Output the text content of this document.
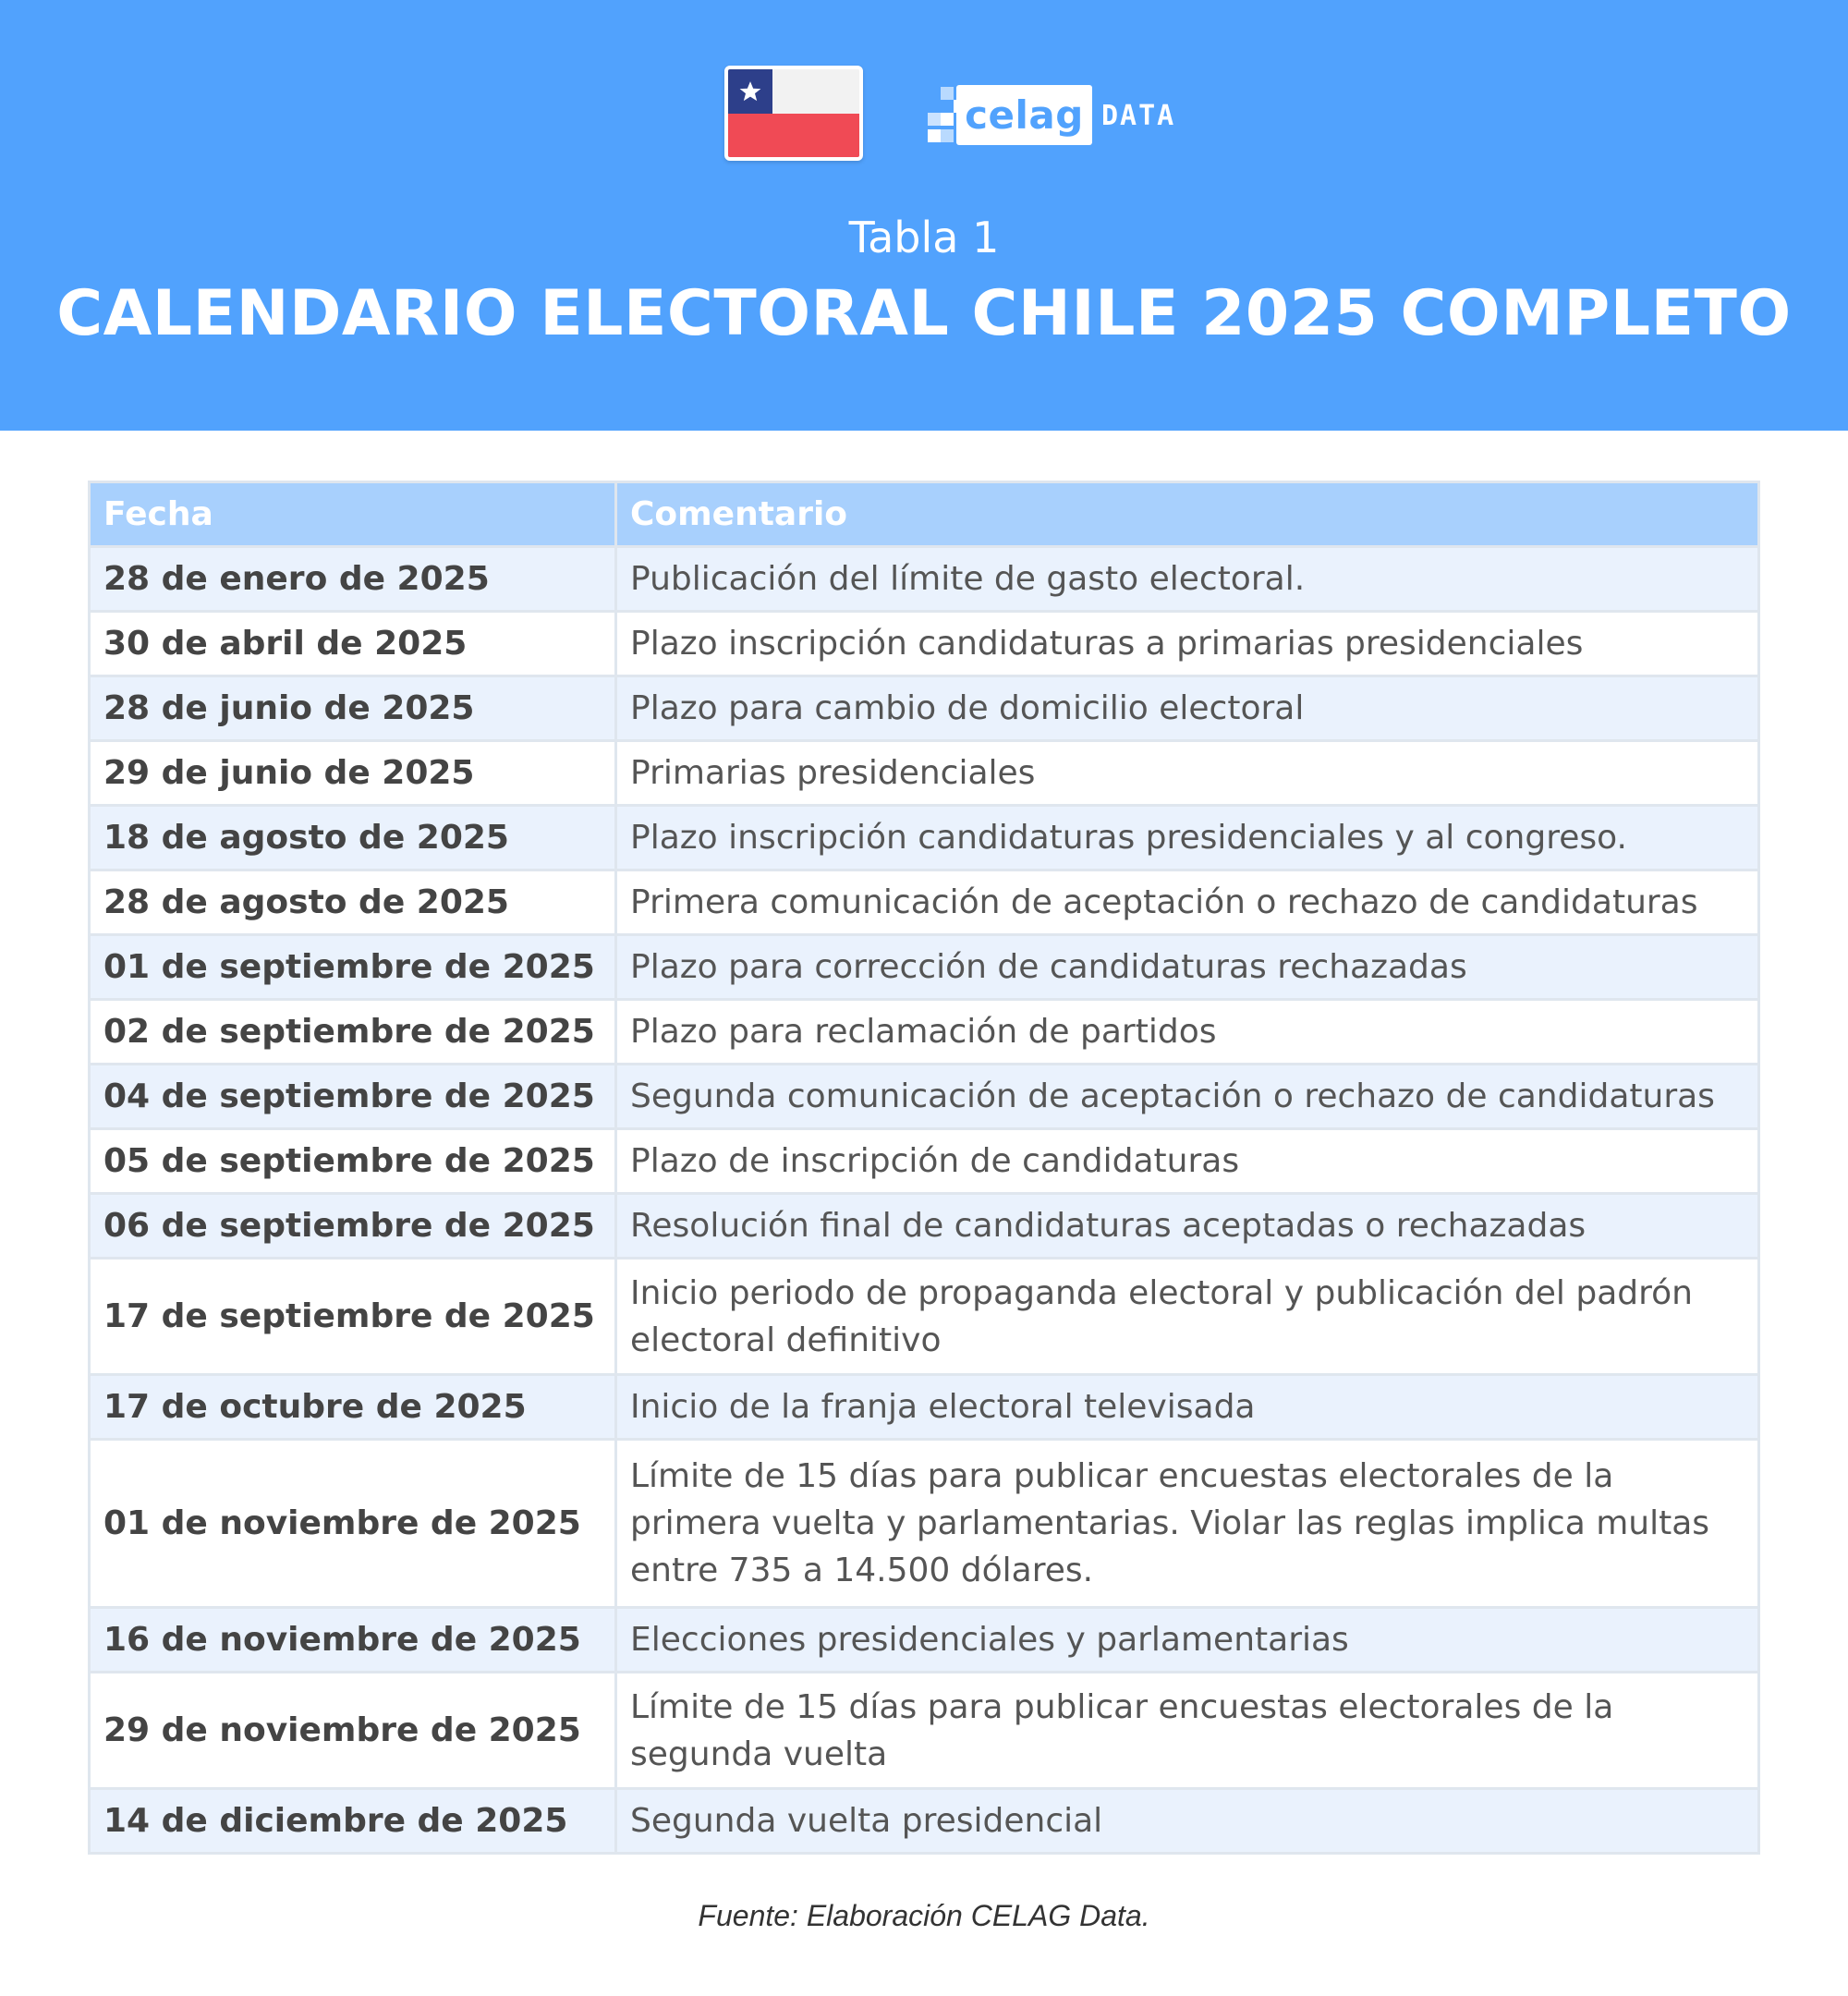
celag DATA
Tabla 1
CALENDARIO ELECTORAL CHILE 2025 COMPLETO
Fecha	Comentario
28 de enero de 2025	Publicación del límite de gasto electoral.
30 de abril de 2025	Plazo inscripción candidaturas a primarias presidenciales
28 de junio de 2025	Plazo para cambio de domicilio electoral
29 de junio de 2025	Primarias presidenciales
18 de agosto de 2025	Plazo inscripción candidaturas presidenciales y al congreso.
28 de agosto de 2025	Primera comunicación de aceptación o rechazo de candidaturas
01 de septiembre de 2025	Plazo para corrección de candidaturas rechazadas
02 de septiembre de 2025	Plazo para reclamación de partidos
04 de septiembre de 2025	Segunda comunicación de aceptación o rechazo de candidaturas
05 de septiembre de 2025	Plazo de inscripción de candidaturas
06 de septiembre de 2025	Resolución final de candidaturas aceptadas o rechazadas
17 de septiembre de 2025	Inicio periodo de propaganda electoral y publicación del padrón electoral definitivo
17 de octubre de 2025	Inicio de la franja electoral televisada
01 de noviembre de 2025	Límite de 15 días para publicar encuestas electorales de la primera vuelta y parlamentarias. Violar las reglas implica multas entre 735 a 14.500 dólares.
16 de noviembre de 2025	Elecciones presidenciales y parlamentarias
29 de noviembre de 2025	Límite de 15 días para publicar encuestas electorales de la segunda vuelta
14 de diciembre de 2025	Segunda vuelta presidencial
Fuente: Elaboración CELAG Data.
